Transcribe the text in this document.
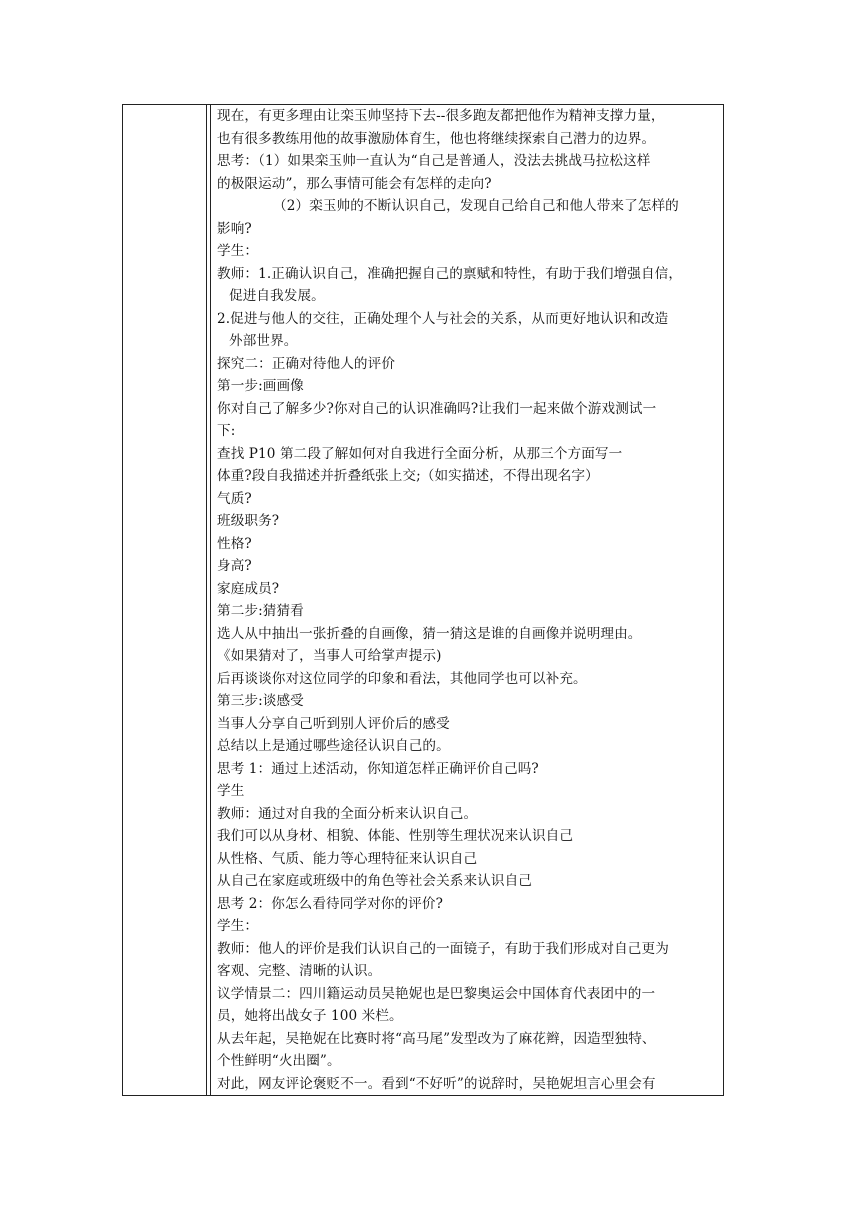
现在，有更多理由让栾玉帅坚持下去--很多跑友都把他作为精神支撑力量，
也有很多教练用他的故事激励体育生，他也将继续探索自己潜力的边界。
思考：（1）如果栾玉帅一直认为“自己是普通人，没法去挑战马拉松这样
的极限运动”，那么事情可能会有怎样的走向?
（2）栾玉帅的不断认识自己，发现自己给自己和他人带来了怎样的
影响?
学生：
教师：1.正确认识自己，准确把握自己的禀赋和特性，有助于我们增强自信，
促进自我发展。
2.促进与他人的交往，正确处理个人与社会的关系，从而更好地认识和改造
外部世界。
探究二：正确对待他人的评价
第一步:画画像
你对自己了解多少?你对自己的认识准确吗?让我们一起来做个游戏测试一
下:
查找 P10 第二段了解如何对自我进行全面分析，从那三个方面写一
体重?段自我描述并折叠纸张上交;（如实描述，不得出现名字）
气质?
班级职务?
性格?
身高?
家庭成员?
第二步:猜猜看
选人从中抽出一张折叠的自画像，猜一猜这是谁的自画像并说明理由。
《如果猜对了，当事人可给掌声提示)
后再谈谈你对这位同学的印象和看法，其他同学也可以补充。
第三步:谈感受
当事人分享自己听到别人评价后的感受
总结以上是通过哪些途径认识自己的。
思考 1：通过上述活动，你知道怎样正确评价自己吗?
学生
教师：通过对自我的全面分析来认识自己。
我们可以从身材、相貌、体能、性别等生理状况来认识自己
从性格、气质、能力等心理特征来认识自己
从自己在家庭或班级中的角色等社会关系来认识自己
思考 2：你怎么看待同学对你的评价?
学生：
教师：他人的评价是我们认识自己的一面镜子，有助于我们形成对自己更为
客观、完整、清晰的认识。
议学情景二：四川籍运动员吴艳妮也是巴黎奥运会中国体育代表团中的一
员，她将出战女子 100 米栏。
从去年起，吴艳妮在比赛时将“高马尾”发型改为了麻花辫，因造型独特、
个性鲜明“火出圈”。
对此，网友评论褒贬不一。看到“不好听”的说辞时，吴艳妮坦言心里会有
